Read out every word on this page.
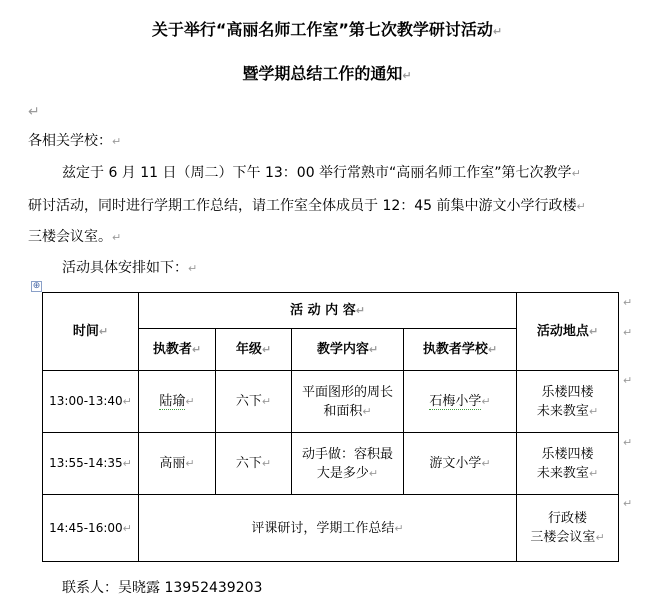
关于举行“高丽名师工作室”第七次教学研讨活动↵
暨学期总结工作的通知↵
↵
各相关学校：↵
兹定于 6 月 11 日（周二）下午 13：00 举行常熟市“高丽名师工作室”第七次教学↵
研讨活动，同时进行学期工作总结，请工作室全体成员于 12：45 前集中游文小学行政楼↵
三楼会议室。↵
活动具体安排如下：↵
⊕
时间↵	活 动 内 容↵				活动地点↵
	执教者↵	年级↵	教学内容↵	执教者学校↵	
13:00-13:40↵	陆瑜↵	六下↵	平面图形的周长
和面积↵	石梅小学↵	乐楼四楼
未来教室↵
13:55-14:35↵	高丽↵	六下↵	动手做：容积最
大是多少↵	游文小学↵	乐楼四楼
未来教室↵
14:45-16:00↵	评课研讨，学期工作总结↵				行政楼
三楼会议室↵
↵
↵
↵
↵
↵
联系人：吴晓露 13952439203
